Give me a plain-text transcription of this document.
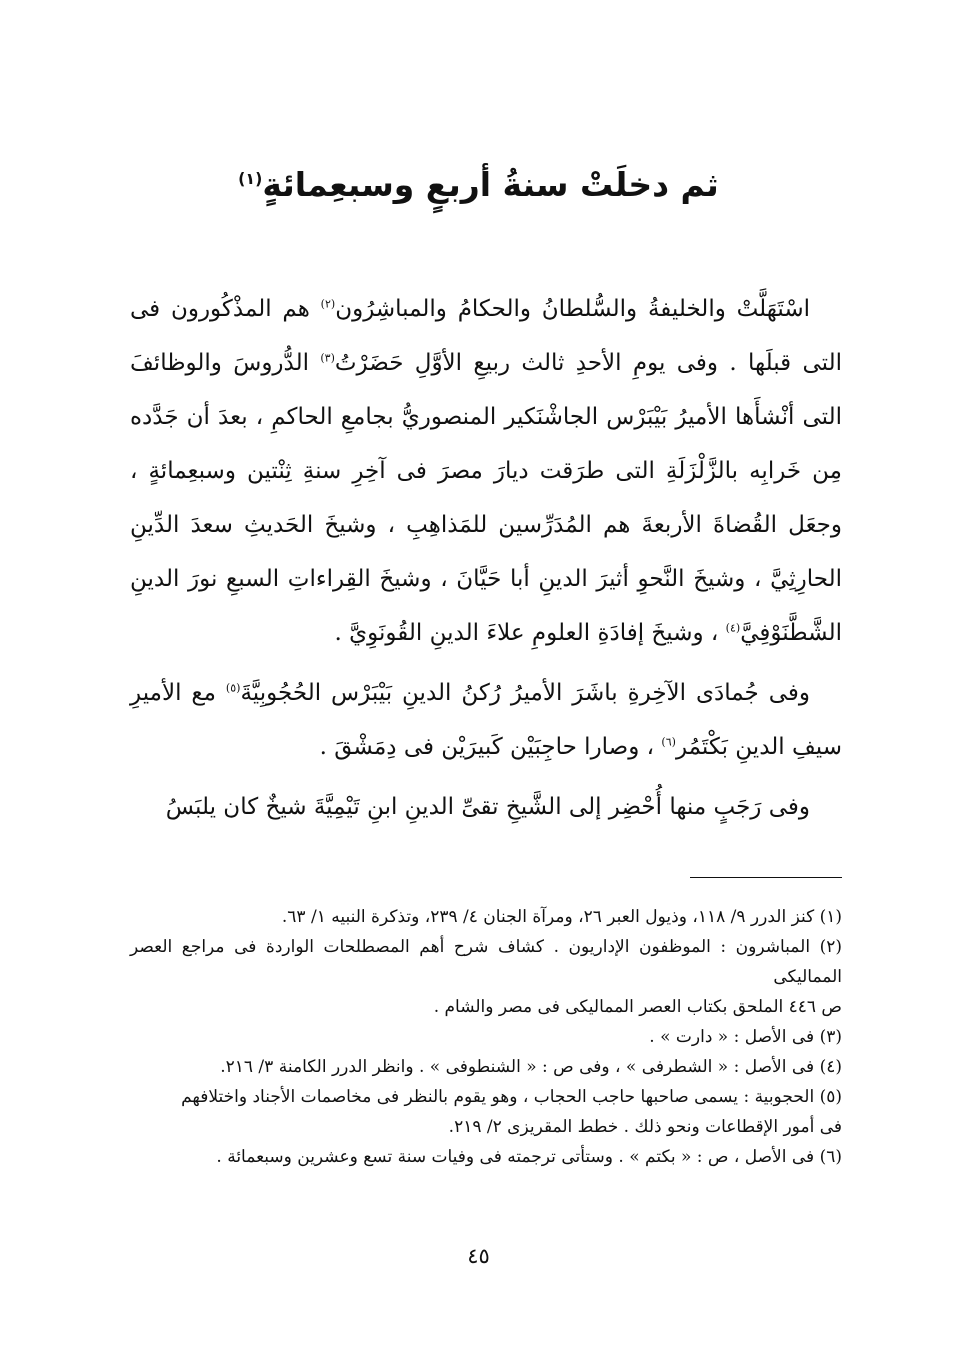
ثم دخلَتْ سنةُ أربعٍ وسبعِمائةٍ$^{(١)}$

اسْتَهَلَّتْ والخليفةُ والسُّلطانُ والحكامُ والمباشِرُون$^{(٢)}$ هم المذْكُورون فى التى قبلَها . وفى يومِ الأحدِ ثالث ربيعِ الأوَّلِ حَضَرْتُ$^{(٣)}$ الدُّروسَ والوظائفَ التى أنْشأَها الأميرُ بَيْبَرْس الجاشْنَكير المنصوريُّ بجامعِ الحاكمِ ، بعدَ أن جَدَّده مِن خَرابِه بالزَّلْزَلَةِ التى طرَقت ديارَ مصرَ فى آخِرِ سنةِ ثِنْتين وسبعِمائةٍ ، وجعَل القُضاةَ الأربعةَ هم المُدَرِّسين للمَذاهِبِ ، وشيخَ الحَديثِ سعدَ الدِّينِ الحارِثِيَّ ، وشيخَ النَّحوِ أثيرَ الدينِ أبا حَيَّانَ ، وشيخَ القِراءاتِ السبعِ نورَ الدينِ الشَّطَّنَوْفِيَّ$^{(٤)}$ ، وشيخَ إفادَةِ العلومِ علاءَ الدينِ القُونَوِيَّ .

وفى جُمادَى الآخِرةِ باشَرَ الأميرُ رُكنُ الدينِ بَيْبَرْس الحُجُوبِيَّةَ$^{(٥)}$ مع الأميرِ سيفِ الدينِ بَكْتَمُر$^{(٦)}$ ، وصارا حاجِبَيْن كَبيرَيْن فى دِمَشْقَ .

وفى رَجَبٍ منها أُحْضِر إلى الشَّيخِ تقىِّ الدينِ ابنِ تَيْمِيَّةَ شيخٌ كان يلبَسُ

(١) كنز الدرر ٩/ ١١٨، وذيول العبر ٢٦، ومرآة الجنان ٤/ ٢٣٩، وتذكرة النبيه ١/ ٦٣.

(٢) المباشرون : الموظفون الإداريون . كشاف شرح أهم المصطلحات الواردة فى مراجع العصر المماليكى

ص ٤٤٦ الملحق بكتاب العصر المماليكى فى مصر والشام .

(٣) فى الأصل : « دارت » .

(٤) فى الأصل : « الشطرفى » ، وفى ص : « الشنطوفى » . وانظر الدرر الكامنة ٣/ ٢١٦.

(٥) الحجوبية : يسمى صاحبها حاجب الحجاب ، وهو يقوم بالنظر فى مخاصمات الأجناد واختلافهم

فى أمور الإقطاعات ونحو ذلك . خطط المقريزى ٢/ ٢١٩.

(٦) فى الأصل ، ص : « بكتم » . وستأتى ترجمته فى وفيات سنة تسع وعشرين وسبعمائة .

٤٥
